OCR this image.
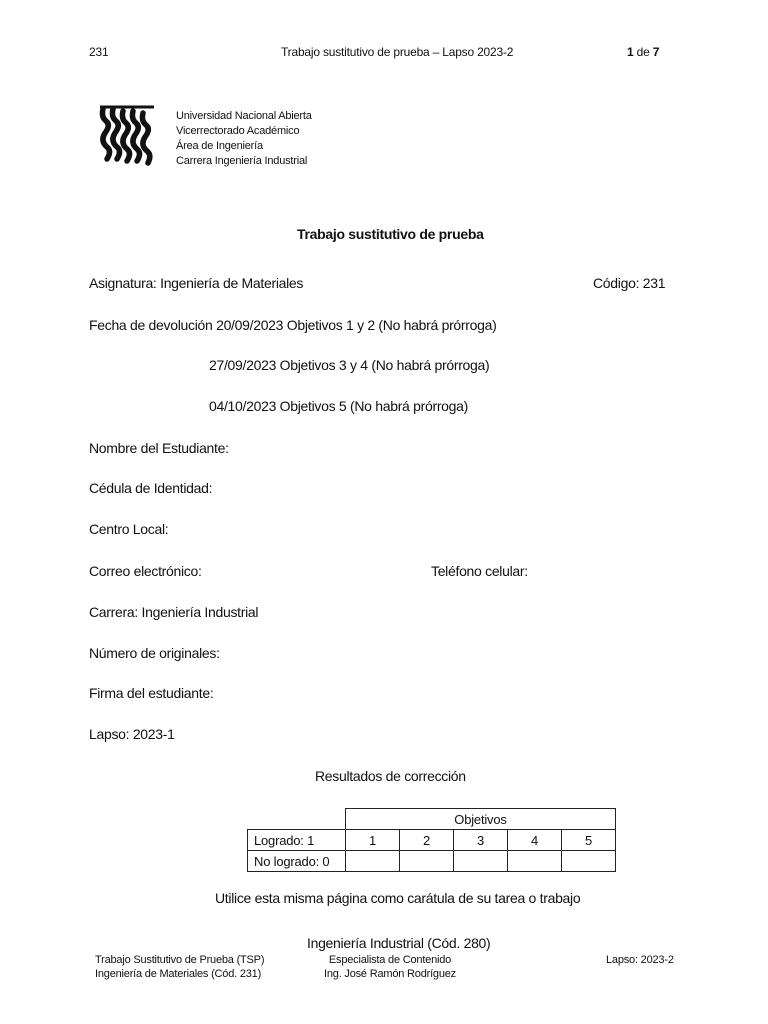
231	Trabajo sustitutivo de prueba – Lapso 2023-2	1 de 7
Universidad Nacional Abierta
Vicerrectorado Académico
Área de Ingeniería
Carrera Ingeniería Industrial
Trabajo sustitutivo de prueba
Asignatura: Ingeniería de Materiales	Código: 231
Fecha de devolución 20/09/2023 Objetivos 1 y 2 (No habrá prórroga)
27/09/2023 Objetivos 3 y 4 (No habrá prórroga)
04/10/2023 Objetivos 5 (No habrá prórroga)
Nombre del Estudiante:
Cédula de Identidad:
Centro Local:
Correo electrónico:	Teléfono celular:
Carrera: Ingeniería Industrial
Número de originales:
Firma del estudiante:
Lapso: 2023-1
Resultados de corrección
	Objetivos				
Logrado: 1	1	2	3	4	5
No logrado: 0					
Utilice esta misma página como carátula de su tarea o trabajo
Ingeniería Industrial (Cód. 280)
Trabajo Sustitutivo de Prueba (TSP)
Ingeniería de Materiales (Cód. 231)
Especialista de Contenido
Ing. José Ramón Rodríguez
Lapso: 2023-2
